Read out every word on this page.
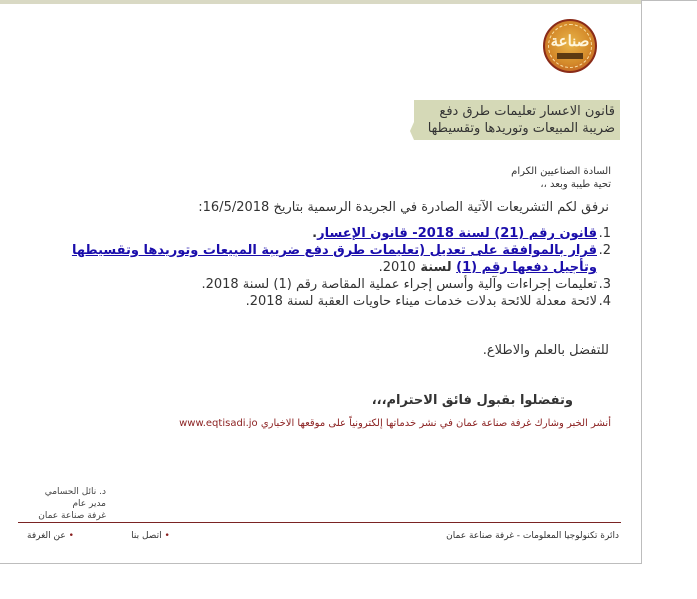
صناعة
قانون الاعسار تعليمات طرق دفع
ضريبة المبيعات وتوريدها وتقسيطها
السادة الصناعيين الكرام
تحية طيبة وبعد ،،
نرفق لكم التشريعات الآتية الصادرة في الجريدة الرسمية بتاريخ 16/5/2018:
1.
قانون رقم (21) لسنة 2018- قانون الإعسار.
2.
قرار بالموافقة على تعديل (تعليمات طرق دفع ضريبة المبيعات وتوريدها وتقسيطها وتأجيل دفعها رقم (1) لسنة 2010.
3.
تعليمات إجراءات وآلية وأسس إجراء عملية المقاصة رقم (1) لسنة 2018.
4.
لائحة معدلة للائحة بدلات خدمات ميناء حاويات العقبة لسنة 2018.
للتفضل بالعلم والاطلاع.
وتفضلوا بقبول فائق الاحترام،،،
أنشر الخبر وشارك غرفة صناعة عمان في نشر خدماتها إلكترونياً على موقعها الاخباري www.eqtisadi.jo
د. نائل الحسامي
مدير عام
غرفة صناعة عمان
• اتصل بنا                    • عن الغرفة	دائرة تكنولوجيا المعلومات - غرفة صناعة عمان
